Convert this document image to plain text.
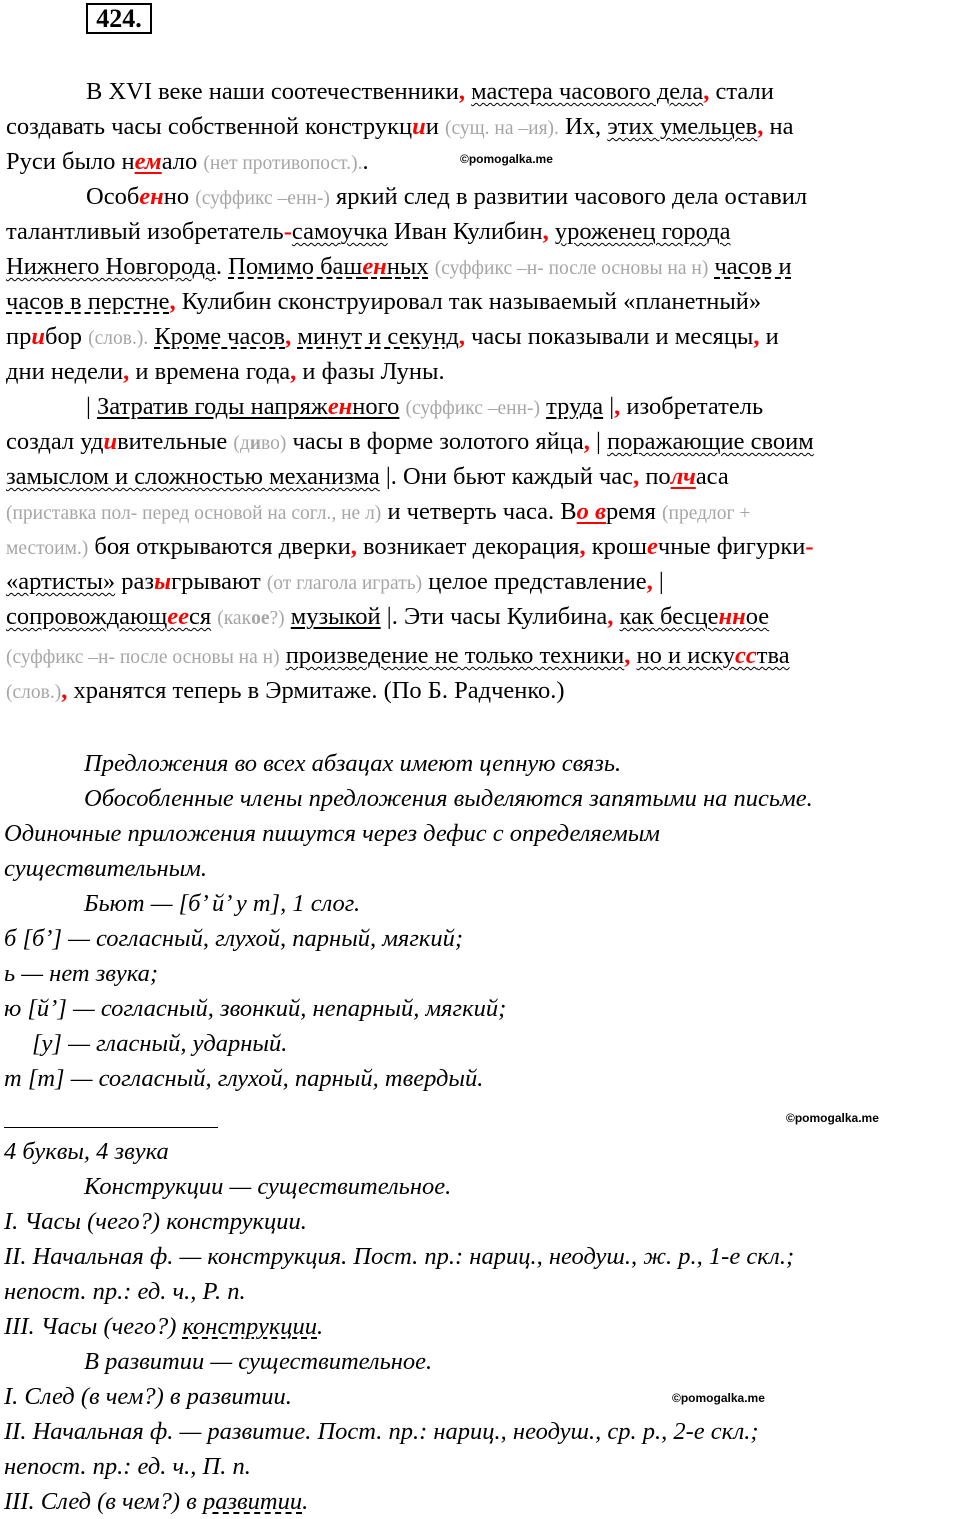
424.
©pomogalka.me
©pomogalka.me
©pomogalka.me
В XVI веке наши соотечественники, мастера часового дела, стали
создавать часы собственной конструкции (сущ. на –ия). Их, этих умельцев, на
Руси было немало (нет противопост.)..
Особенно (суффикс –енн-) яркий след в развитии часового дела оставил
талантливый изобретатель-самоучка Иван Кулибин, уроженец города
Нижнего Новгорода. Помимо башенных (суффикс –н- после основы на н) часов и
часов в перстне, Кулибин сконструировал так называемый «планетный»
прибор (слов.). Кроме часов, минут и секунд, часы показывали и месяцы, и
дни недели, и времена года, и фазы Луны.
| Затратив годы напряженного (суффикс –енн-) труда |, изобретатель
создал удивительные (диво) часы в форме золотого яйца, | поражающие своим
замыслом и сложностью механизма |. Они бьют каждый час, полчаса
(приставка пол- перед основой на согл., не л) и четверть часа. Во время (предлог +
местоим.) боя открываются дверки, возникает декорация, крошечные фигурки-
«артисты» разыгрывают (от глагола играть) целое представление, |
сопровождающееся (какое?) музыкой |. Эти часы Кулибина, как бесценное
(суффикс –н- после основы на н) произведение не только техники, но и искусства
(слов.), хранятся теперь в Эрмитаже. (По Б. Радченко.)
Предложения во всех абзацах имеют цепную связь.
Обособленные члены предложения выделяются запятыми на письме.
Одиночные приложения пишутся через дефис с определяемым
существительным.
Бьют — [б’ й’ у т], 1 слог.
б [б’] — согласный, глухой, парный, мягкий;
ь — нет звука;
ю [й’] — согласный, звонкий, непарный, мягкий;
[у] — гласный, ударный.
т [т] — согласный, глухой, парный, твердый.
4 буквы, 4 звука
Конструкции — существительное.
I. Часы (чего?) конструкции.
II. Начальная ф. — конструкция. Пост. пр.: нариц., неодуш., ж. р., 1-е скл.;
непост. пр.: ед. ч., Р. п.
III. Часы (чего?) конструкции.
В развитии — существительное.
I. След (в чем?) в развитии.
II. Начальная ф. — развитие. Пост. пр.: нариц., неодуш., ср. р., 2-е скл.;
непост. пр.: ед. ч., П. п.
III. След (в чем?) в развитии.
